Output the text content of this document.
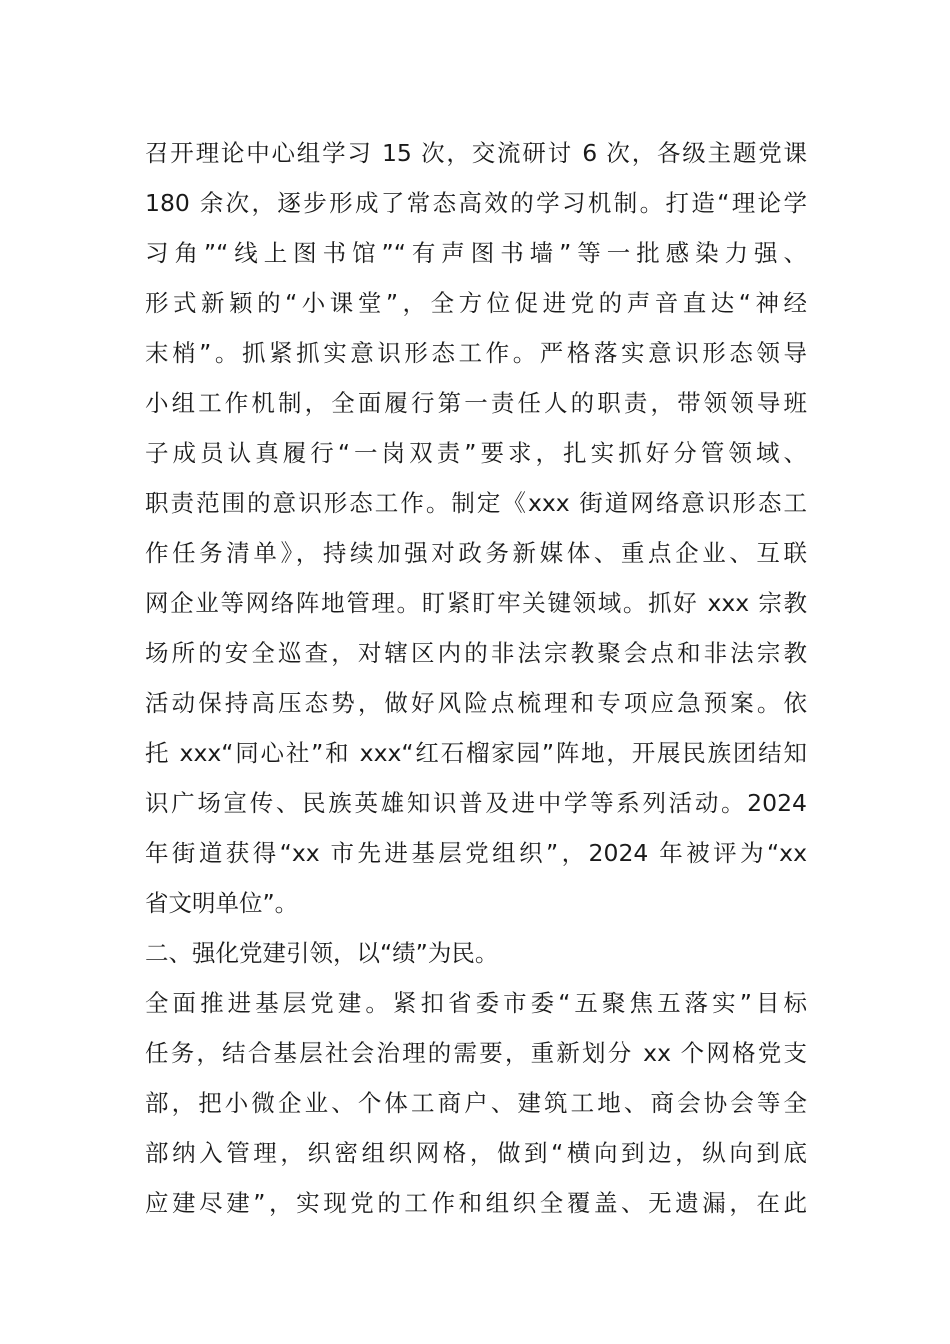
召开理论中心组学习 15 次，交流研讨 6 次，各级主题党课
180 余次，逐步形成了常态高效的学习机制。打造“理论学
习角”“线上图书馆”“有声图书墙”等一批感染力强、
形式新颖的“小课堂”，全方位促进党的声音直达“神经
末梢”。抓紧抓实意识形态工作。严格落实意识形态领导
小组工作机制，全面履行第一责任人的职责，带领领导班
子成员认真履行“一岗双责”要求，扎实抓好分管领域、
职责范围的意识形态工作。制定《xxx 街道网络意识形态工
作任务清单》，持续加强对政务新媒体、重点企业、互联
网企业等网络阵地管理。盯紧盯牢关键领域。抓好 xxx 宗教
场所的安全巡查，对辖区内的非法宗教聚会点和非法宗教
活动保持高压态势，做好风险点梳理和专项应急预案。依
托 xxx“同心社”和 xxx“红石榴家园”阵地，开展民族团结知
识广场宣传、民族英雄知识普及进中学等系列活动。2024
年街道获得“xx 市先进基层党组织”，2024 年被评为“xx
省文明单位”。
二、强化党建引领，以“绩”为民。
全面推进基层党建。紧扣省委市委“五聚焦五落实”目标
任务，结合基层社会治理的需要，重新划分 xx 个网格党支
部，把小微企业、个体工商户、建筑工地、商会协会等全
部纳入管理，织密组织网格，做到“横向到边，纵向到底
应建尽建”，实现党的工作和组织全覆盖、无遗漏，在此
